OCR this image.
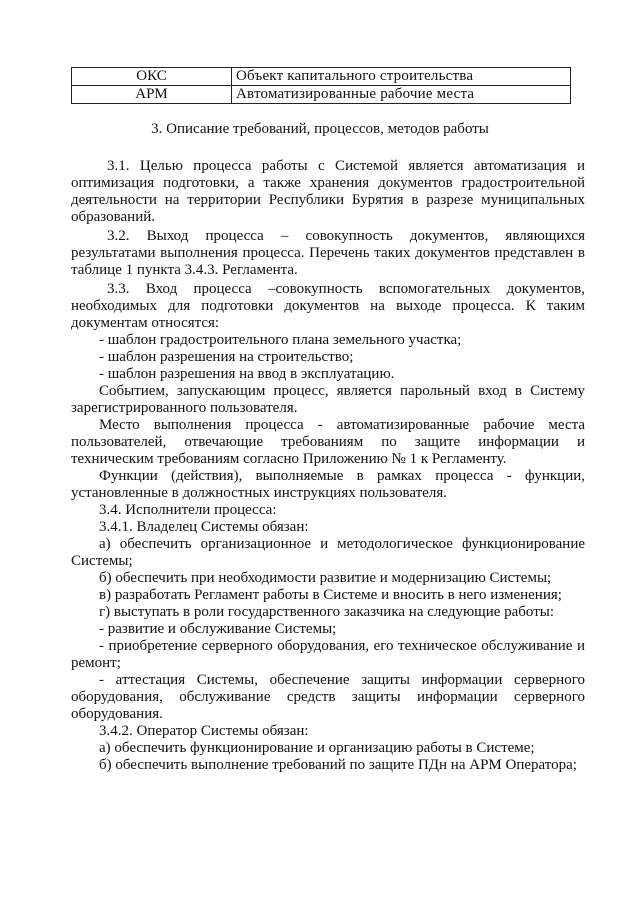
ОКС	Объект капитального строительства
АРМ	Автоматизированные рабочие места
3. Описание требований, процессов, методов работы

3.1. Целью процесса работы с Системой является автоматизация и оптимизация подготовки, а также хранения документов градостроительной деятельности на территории Республики Бурятия в разрезе муниципальных образований.

3.2. Выход процесса – совокупность документов, являющихся результатами выполнения процесса. Перечень таких документов представлен в таблице 1 пункта 3.4.3. Регламента.

3.3. Вход процесса –совокупность вспомогательных документов, необходимых для подготовки документов на выходе процесса. К таким документам относятся:

- шаблон градостроительного плана земельного участка;

- шаблон разрешения на строительство;

- шаблон разрешения на ввод в эксплуатацию.

Событием, запускающим процесс, является парольный вход в Систему зарегистрированного пользователя.

Место выполнения процесса - автоматизированные рабочие места пользователей, отвечающие требованиям по защите информации и техническим требованиям согласно Приложению № 1 к Регламенту.

Функции (действия), выполняемые в рамках процесса - функции, установленные в должностных инструкциях пользователя.

3.4. Исполнители процесса:

3.4.1. Владелец Системы обязан:

а) обеспечить организационное и методологическое функционирование Системы;

б) обеспечить при необходимости развитие и модернизацию Системы;

в) разработать Регламент работы в Системе и вносить в него изменения;

г) выступать в роли государственного заказчика на следующие работы:

- развитие и обслуживание Системы;

- приобретение серверного оборудования, его техническое обслуживание и ремонт;

- аттестация Системы, обеспечение защиты информации серверного оборудования, обслуживание средств защиты информации серверного оборудования.

3.4.2. Оператор Системы обязан:

а) обеспечить функционирование и организацию работы в Системе;

б) обеспечить выполнение требований по защите ПДн на АРМ Оператора;
